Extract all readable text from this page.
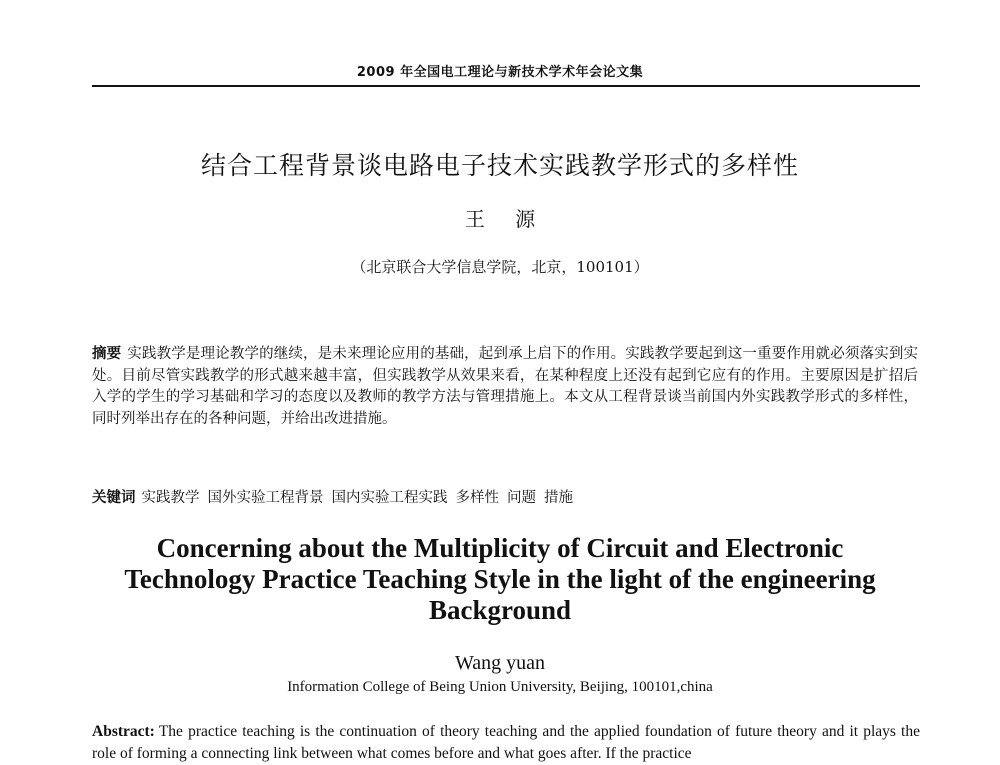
2009 年全国电工理论与新技术学术年会论文集
结合工程背景谈电路电子技术实践教学形式的多样性
王 源
（北京联合大学信息学院，北京，100101）
摘要 实践教学是理论教学的继续，是未来理论应用的基础，起到承上启下的作用。实践教学要起到这一重要作用就必须落实到实处。目前尽管实践教学的形式越来越丰富，但实践教学从效果来看，在某种程度上还没有起到它应有的作用。主要原因是扩招后入学的学生的学习基础和学习的态度以及教师的教学方法与管理措施上。本文从工程背景谈当前国内外实践教学形式的多样性，同时列举出存在的各种问题，并给出改进措施。
关键词 实践教学 国外实验工程背景 国内实验工程实践 多样性 问题 措施
Concerning about the Multiplicity of Circuit and Electronic
Technology Practice Teaching Style in the light of the engineering
Background
Wang yuan
Information College of Being Union University, Beijing, 100101,china
Abstract: The practice teaching is the continuation of theory teaching and the applied foundation of future theory and it plays the role of forming a connecting link between what comes before and what goes after. If the practice
